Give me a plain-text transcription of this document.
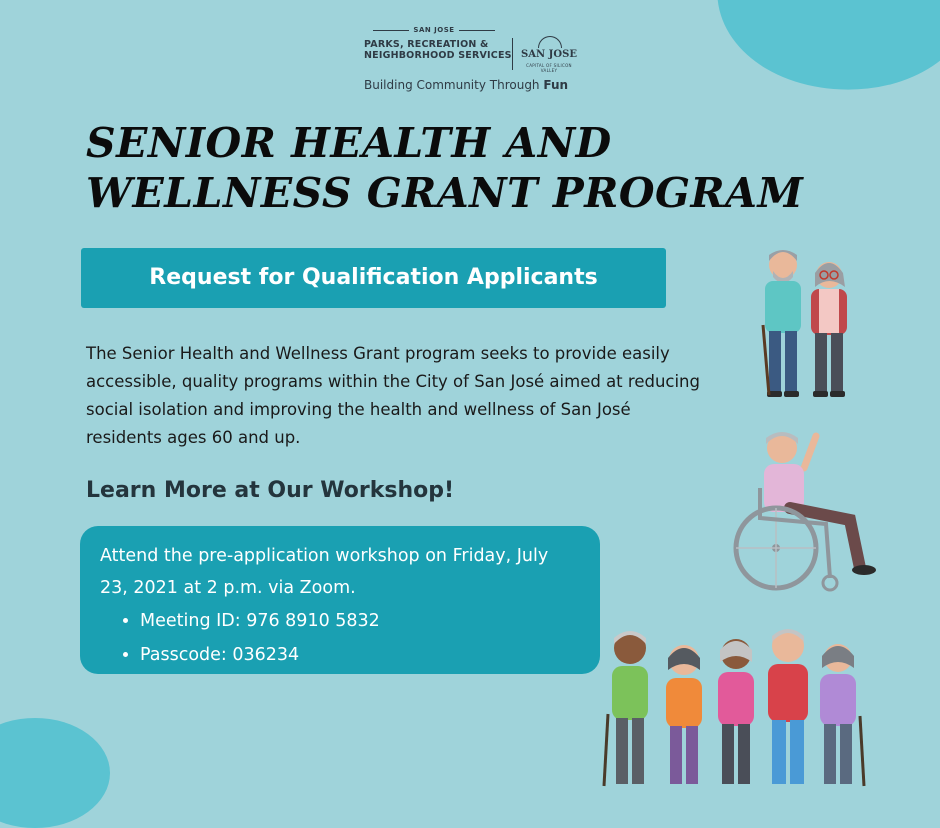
SAN JOSE
PARKS, RECREATION &
NEIGHBORHOOD SERVICES SAN JOSE
CAPITAL OF SILICON VALLEY
Building Community Through Fun
SENIOR HEALTH AND
WELLNESS GRANT PROGRAM
Request for Qualification Applicants

The Senior Health and Wellness Grant program seeks to provide easily accessible, quality programs within the City of San José aimed at reducing social isolation and improving the health and wellness of San José residents ages 60 and up.

Learn More at Our Workshop!

Attend the pre-application workshop on Friday, July 23, 2021 at 2 p.m. via Zoom.

• Meeting ID: 976 8910 5832
• Passcode: 036234
